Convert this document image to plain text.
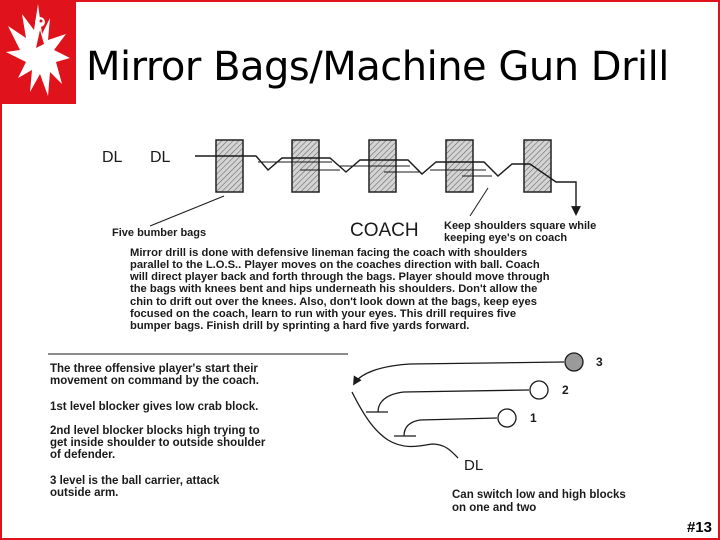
Mirror Bags/Machine Gun Drill
DL DL
Five bumber bags	COACH Keep shoulders square while keeping eye's on coach
Mirror drill is done with defensive lineman facing the coach with shoulders parallel to the L.O.S.. Player moves on the coaches direction with ball. Coach will direct player back and forth through the bags. Player should move through the bags with knees bent and hips underneath his shoulders. Don't allow the chin to drift out over the knees. Also, don't look down at the bags, keep eyes focused on the coach, learn to run with your eyes. This drill requires five bumper bags. Finish drill by sprinting a hard five yards forward.
The three offensive player's start their movement on command by the coach. 1st level blocker gives low crab block. 2nd level blocker blocks high trying to get inside shoulder to outside shoulder of defender. 3 level is the ball carrier, attack outside arm.
3
2
1
DL
Can switch low and high blocks on one and two
#13
